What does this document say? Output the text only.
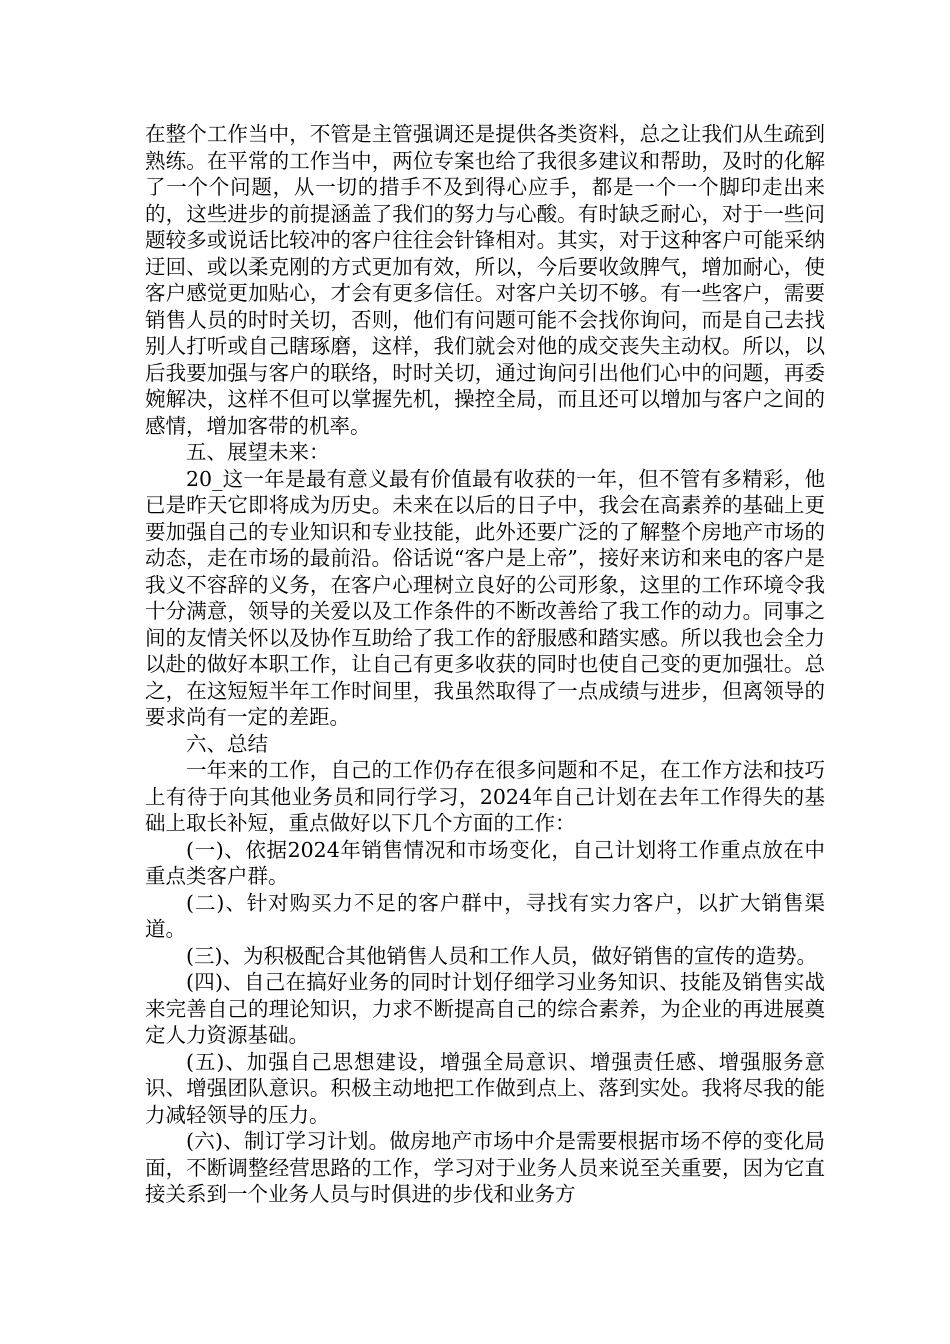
在整个工作当中，不管是主管强调还是提供各类资料，总之让我们从生疏到熟练。在平常的工作当中，两位专案也给了我很多建议和帮助，及时的化解了一个个问题，从一切的措手不及到得心应手，都是一个一个脚印走出来的，这些进步的前提涵盖了我们的努力与心酸。有时缺乏耐心，对于一些问题较多或说话比较冲的客户往往会针锋相对。其实，对于这种客户可能采纳迂回、或以柔克刚的方式更加有效，所以，今后要收敛脾气，增加耐心，使客户感觉更加贴心，才会有更多信任。对客户关切不够。有一些客户，需要销售人员的时时关切，否则，他们有问题可能不会找你询问，而是自己去找别人打听或自己瞎琢磨，这样，我们就会对他的成交丧失主动权。所以，以后我要加强与客户的联络，时时关切，通过询问引出他们心中的问题，再委婉解决，这样不但可以掌握先机，操控全局，而且还可以增加与客户之间的感情，增加客带的机率。

五、展望未来：

20_这一年是最有意义最有价值最有收获的一年，但不管有多精彩，他已是昨天它即将成为历史。未来在以后的日子中，我会在高素养的基础上更要加强自己的专业知识和专业技能，此外还要广泛的了解整个房地产市场的动态，走在市场的最前沿。俗话说“客户是上帝”，接好来访和来电的客户是我义不容辞的义务，在客户心理树立良好的公司形象，这里的工作环境令我十分满意，领导的关爱以及工作条件的不断改善给了我工作的动力。同事之间的友情关怀以及协作互助给了我工作的舒服感和踏实感。所以我也会全力以赴的做好本职工作，让自己有更多收获的同时也使自己变的更加强壮。总之，在这短短半年工作时间里，我虽然取得了一点成绩与进步，但离领导的要求尚有一定的差距。

六、总结

一年来的工作，自己的工作仍存在很多问题和不足，在工作方法和技巧上有待于向其他业务员和同行学习，2024年自己计划在去年工作得失的基础上取长补短，重点做好以下几个方面的工作：

(一)、依据2024年销售情况和市场变化，自己计划将工作重点放在中重点类客户群。

(二)、针对购买力不足的客户群中，寻找有实力客户，以扩大销售渠道。

(三)、为积极配合其他销售人员和工作人员，做好销售的宣传的造势。

(四)、自己在搞好业务的同时计划仔细学习业务知识、技能及销售实战来完善自己的理论知识，力求不断提高自己的综合素养，为企业的再进展奠定人力资源基础。

(五)、加强自己思想建设，增强全局意识、增强责任感、增强服务意识、增强团队意识。积极主动地把工作做到点上、落到实处。我将尽我的能力减轻领导的压力。

(六)、制订学习计划。做房地产市场中介是需要根据市场不停的变化局面，不断调整经营思路的工作，学习对于业务人员来说至关重要，因为它直接关系到一个业务人员与时俱进的步伐和业务方
